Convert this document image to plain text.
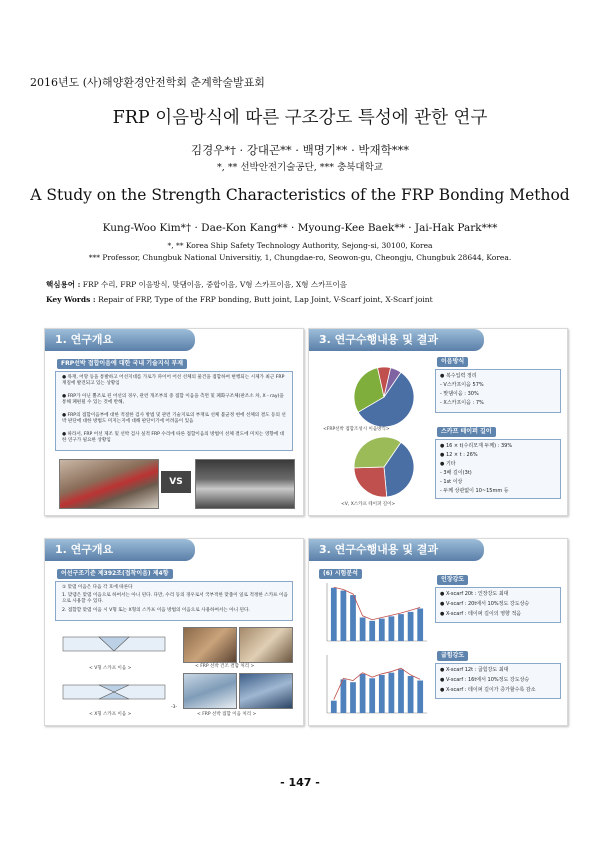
2016년도 (사)해양환경안전학회 춘계학술발표회
FRP 이음방식에 따른 구조강도 특성에 관한 연구
김경우*† · 강대곤** · 백명기** · 박재학***
*, ** 선박안전기술공단, *** 충북대학교
A Study on the Strength Characteristics of the FRP Bonding Method
Kung-Woo Kim*† · Dae-Kon Kang** · Myoung-Kee Baek** · Jai-Hak Park***
*, ** Korea Ship Safety Technology Authority, Sejong-si, 30100, Korea
*** Professor, Chungbuk National Universitiy, 1, Chungdae-ro, Seowon-gu, Cheongju, Chungbuk 28644, Korea.
핵심용어 : FRP 수리, FRP 이음방식, 맞댐이음, 중합이음, V형 스카프이음, X형 스카프이음
Key Words : Repair of FRP, Type of the FRP bonding, Butt joint, Lap Joint, V-Scarf joint, X-Scarf joint
1. 연구개요
FRP선박 접합이음에 대한 국내 기술지식 부재
● 목재, 어망 등을 통발하고 어선지대를 가로가 파이어 어선 선체의 물건을 접합하여 현행되는 시제가 최근 FRP재질에 발견되고 있는 상황임
● FRP가 아닌 뿔조로 된 어선의 경우, 관련 개조부의 중 접합 이음을 측면 및 폐화구조체(판조소 차, X - ray)을 통해 폐편될 수 있는 것에 반해,
● FRP의 접합이음부에 대한 적절한 검사 방법 및 관련 기술지로의 부재로 선체 불균정 현에 선체의 결도 등의 선박 판단에 대한 방법도 미지는지에 대해 판단이기에 어려움이 있음
● 따라서, FRP 어선 제조 및 선박 검사 실적 FRP 수리에 따른 접합이음의 방법이 선체 결도에 미치는 영향에 대한 연구가 필요한 상황임
VS
3. 연구수행내용 및 결과
<FRP선박 접합조성시 이음방식>
<V, X스카프 테이퍼 길이>
이음방식
● 복수입력 정리
- V스카프이음 57%
- 맞댐이음 : 30%
- X스카프이음 : 7%
스카프 테이퍼 길이
● 16 × t(수리모재 두께) : 39%
● 12 × t : 26%
● 기타
- 3배 길이(3t)
- 1st 이상
- 두께 상관없이 10~15mm 등
1. 연구개요
어선구조기준 제392조(접착이음) 제4항
① 맞댐 이음은 다음 각 호에 따른다
1. 맞댐은 맞댐 이음으로 하여서는 아니 된다. 다만, 수리 등의 경우로서 국부적한 맞춤이 일로 적정한 스카프 이음으로 사용할 수 있다.
2. 접합할 맞댐 이음 시 V형 또는 X형의 스카프 이음 방법의 이음으로 사용하여서는 아니 된다.
< V형 스카프 이음 >
< X형 스카프 이음 >
< FRP 선박 건조 결합 처리 >
< FRP 선박 접합 이음 처리 >
-3-
3. 연구수행내용 및 결과
(6) 시험분석
인장강도
● X-scarf 20t : 인장강도 최대
● V-scarf : 20t에서 10%정도 강도상승
● X-scarf : 테이퍼 길이의 영향 적음
굽힘강도
● X-scarf 12t : 굽힘강도 최대
● V-scarf : 16t에서 10%정도 강도상승
● X-scarf : 테이퍼 길이가 증가할수록 감소
- 147 -
